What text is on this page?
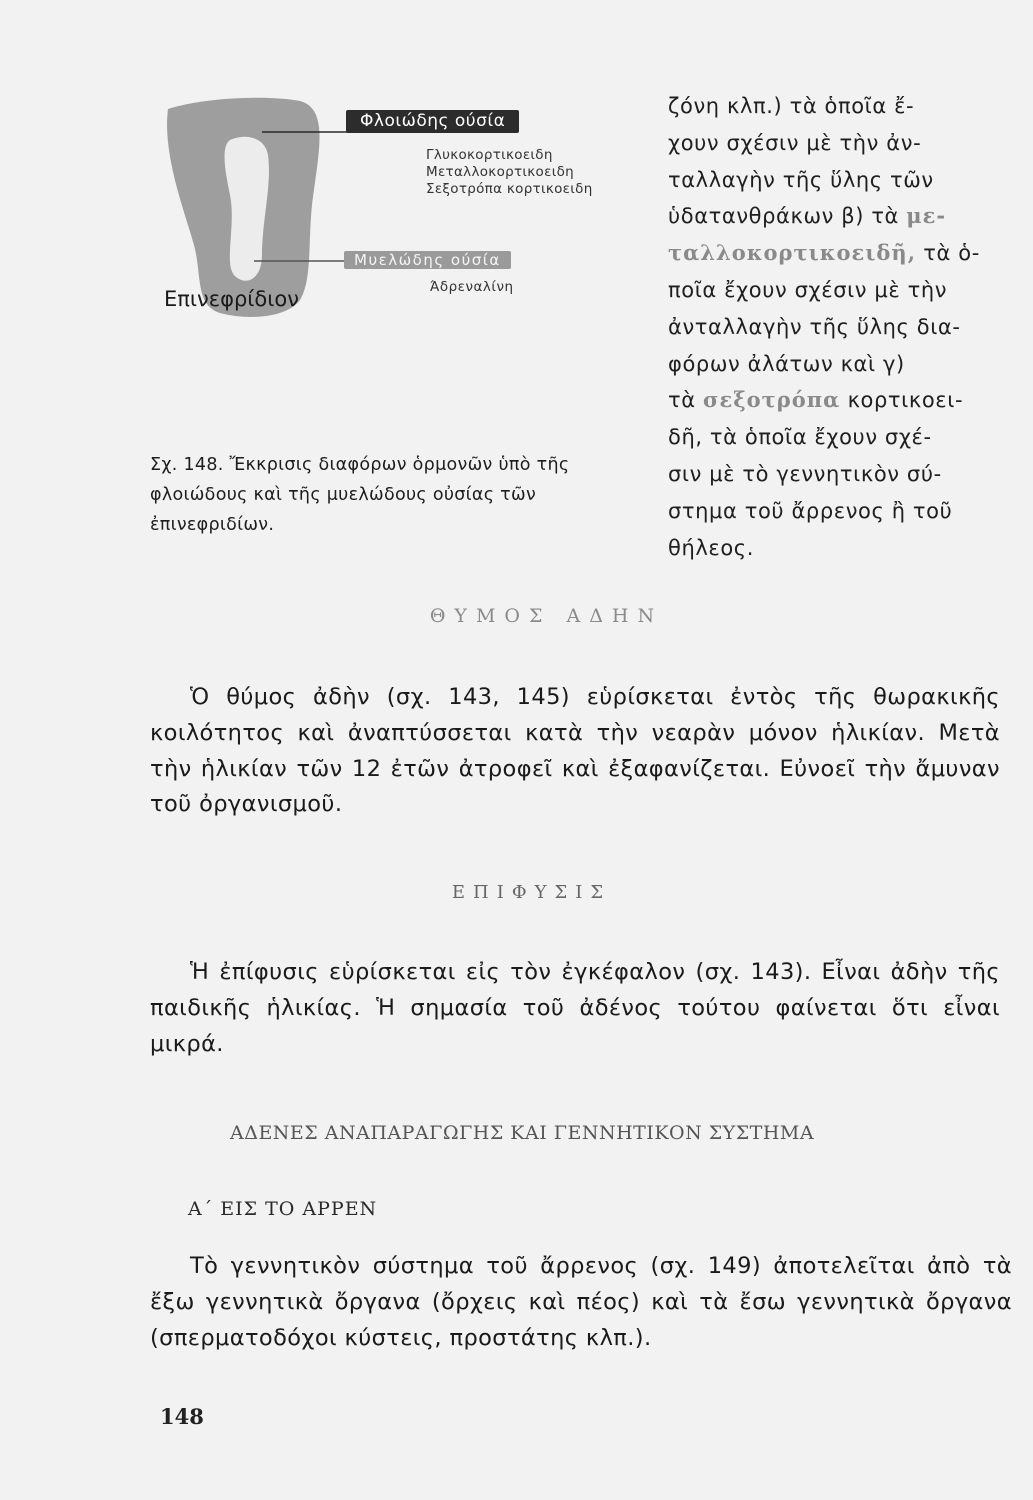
Φλοιώδης ούσία
Γλυκοκορτικοειδη
Μεταλλοκορτικοειδη
Σεξοτρόπα κορτικοειδη
Μυελώδης ούσία
Άδρεναλίνη
Επινεφρίδιον
Σχ. 148. Ἔκκρισις διαφόρων ὁρμονῶν ὑπὸ τῆς φλοιώδους καὶ τῆς μυελώδους οὐσίας τῶν ἐπινεφριδίων.

ζόνη κλπ.) τὰ ὁποῖα ἔ-

χουν σχέσιν μὲ τὴν ἀν-

ταλλαγὴν τῆς ὕλης τῶν

ὑδατανθράκων β) τὰ με-

ταλλοκορτικοειδῆ, τὰ ὁ-

ποῖα ἔχουν σχέσιν μὲ τὴν

ἀνταλλαγὴν τῆς ὕλης δια-

φόρων ἀλάτων καὶ γ)

τὰ σεξοτρόπα κορτικοει-

δῆ, τὰ ὁποῖα ἔχουν σχέ-

σιν μὲ τὸ γεννητικὸν σύ-

στημα τοῦ ἄρρενος ἢ τοῦ

θήλεος.

ΘΥΜΟΣ ΑΔΗΝ

Ὁ θύμος ἀδὴν (σχ. 143, 145) εὑρίσκεται ἐντὸς τῆς θωρακικῆς κοιλότητος καὶ ἀναπτύσσεται κατὰ τὴν νεαρὰν μόνον ἡλικίαν. Μετὰ τὴν ἡλικίαν τῶν 12 ἐτῶν ἀτροφεῖ καὶ ἐξαφανίζεται. Εὐνοεῖ τὴν ἄμυναν τοῦ ὀργανισμοῦ.

ΕΠΙΦΥΣΙΣ

Ἡ ἐπίφυσις εὑρίσκεται εἰς τὸν ἐγκέφαλον (σχ. 143). Εἶναι ἀδὴν τῆς παιδικῆς ἡλικίας. Ἡ σημασία τοῦ ἀδένος τούτου φαίνεται ὅτι εἶναι μικρά.

ΑΔΕΝΕΣ ΑΝΑΠΑΡΑΓΩΓΗΣ ΚΑΙ ΓΕΝΝΗΤΙΚΟΝ ΣΥΣΤΗΜΑ
Α΄ ΕΙΣ ΤΟ ΑΡΡΕΝ

Τὸ γεννητικὸν σύστημα τοῦ ἄρρενος (σχ. 149) ἀποτελεῖται ἀπὸ τὰ ἔξω γεννητικὰ ὄργανα (ὄρχεις καὶ πέος) καὶ τὰ ἔσω γεννητικὰ ὄργανα (σπερματοδόχοι κύστεις, προστάτης κλπ.).

148
